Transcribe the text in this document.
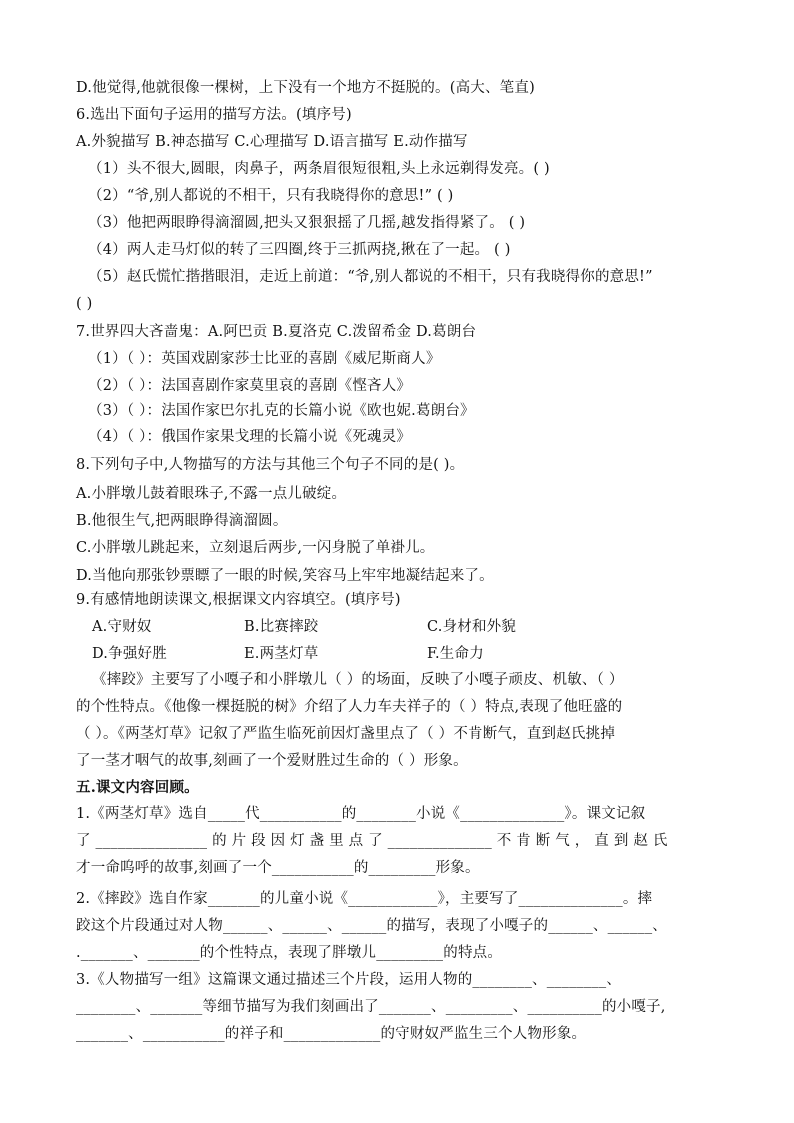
D.他觉得,他就很像一棵树，上下没有一个地方不挺脱的。(高大、笔直)
6.选出下面句子运用的描写方法。(填序号)
A.外貌描写 B.神态描写 C.心理描写 D.语言描写 E.动作描写
（1）头不很大,圆眼，肉鼻子，两条眉很短很粗,头上永远剃得发亮。( )
（2）“爷,别人都说的不相干，只有我晓得你的意思!” ( )
（3）他把两眼睁得滴溜圆,把头又狠狠摇了几摇,越发指得紧了。 ( )
（4）两人走马灯似的转了三四圈,终于三抓两挠,揪在了一起。 ( )
（5）赵氏慌忙揩揩眼泪，走近上前道：“爷,别人都说的不相干，只有我晓得你的意思!”
( )
7.世界四大吝啬鬼：A.阿巴贡 B.夏洛克 C.泼留希金 D.葛朗台
（1）（ ）：英国戏剧家莎士比亚的喜剧《威尼斯商人》
（2）（ ）：法国喜剧作家莫里哀的喜剧《悭吝人》
（3）（ ）：法国作家巴尔扎克的长篇小说《欧也妮.葛朗台》
（4）（ ）：俄国作家果戈理的长篇小说《死魂灵》
8.下列句子中,人物描写的方法与其他三个句子不同的是( )。
A.小胖墩儿鼓着眼珠子,不露一点儿破绽。
B.他很生气,把两眼睁得滴溜圆。
C.小胖墩儿跳起来，立刻退后两步,一闪身脱了单褂儿。
D.当他向那张钞票瞟了一眼的时候,笑容马上牢牢地凝结起来了。
9.有感情地朗读课文,根据课文内容填空。(填序号)
A.守财奴	B.比赛摔跤	C.身材和外貌
D.争强好胜	E.两茎灯草	F.生命力
《摔跤》主要写了小嘎子和小胖墩儿（ ）的场面，反映了小嘎子顽皮、机敏、（ ）
的个性特点。《他像一棵挺脱的树》介绍了人力车夫祥子的（ ）特点,表现了他旺盛的
（ ）。《两茎灯草》记叙了严监生临死前因灯盏里点了（ ）不肯断气，直到赵氏挑掉
了一茎才咽气的故事,刻画了一个爱财胜过生命的（ ）形象。
五.课文内容回顾。
1.《两茎灯草》选自_____代___________的________小说《______________》。课文记叙
了 _______________ 的 片 段 因 灯 盏 里 点 了 ______________ 不 肯 断 气 ， 直 到 赵 氏
才一命呜呼的故事,刻画了一个___________的_________形象。
2.《摔跤》选自作家_______的儿童小说《____________》，主要写了______________。摔
跤这个片段通过对人物______、______、______的描写，表现了小嘎子的______、______、
._______、_______的个性特点，表现了胖墩儿_________的特点。
3.《人物描写一组》这篇课文通过描述三个片段，运用人物的________、________、
________、_______等细节描写为我们刻画出了_______、_________、__________的小嘎子,
_______、___________的祥子和_____________的守财奴严监生三个人物形象。
